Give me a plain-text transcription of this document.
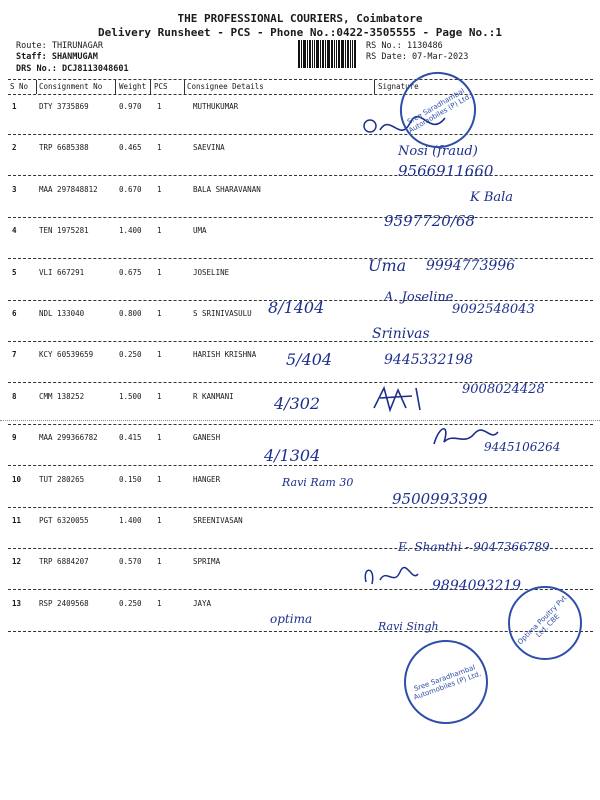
THE PROFESSIONAL COURIERS, Coimbatore
Delivery Runsheet - PCS - Phone No.:0422-3505555 - Page No.:1
Route: THIRUNAGAR
Staff: SHANMUGAM
DRS No.: DCJ8113048601
RS No.: 1130486
RS Date: 07-Mar-2023
S No Consignment No Weight PCS	Consignee Details	Signature
1	DTY 3735869	0.970 1	MUTHUKUMAR
2	TRP 6685388	0.465 1	SAEVINA
3	MAA 297848812	0.670 1	BALA SHARAVANAN
4	TEN 1975281	1.400 1	UMA
5	VLI 667291	0.675 1	JOSELINE
6	NDL 133040	0.800 1	S SRINIVASULU
7	KCY 60539659	0.250 1	HARISH KRISHNA
8	CMM 138252	1.500 1	R KANMANI
9	MAA 299366782	0.415 1	GANESH
10 TUT 280265	0.150 1	HANGER
11 PGT 6320055	1.400 1	SREENIVASAN
12 TRP 6884207	0.570 1	SPRIMA
13 RSP 2409568	0.250 1	JAYA
Nosi (fraud)
9566911660
K Bala
9597720/68
Uma 9994773996
8/1404
A. Joseline
9092548043
Srinivas
5/404	9445332198
4/302
9008024428
4/1304	9445106264
Ravi Ram 30
9500993399
E. Shanthi - 9047366789
9894093219
optima
Ravi Singh
Sree Saradhambal Automobiles (P) Ltd.
Optima Poultry Pvt Ltd. CBE
Sree Saradhambal Automobiles (P) Ltd.
